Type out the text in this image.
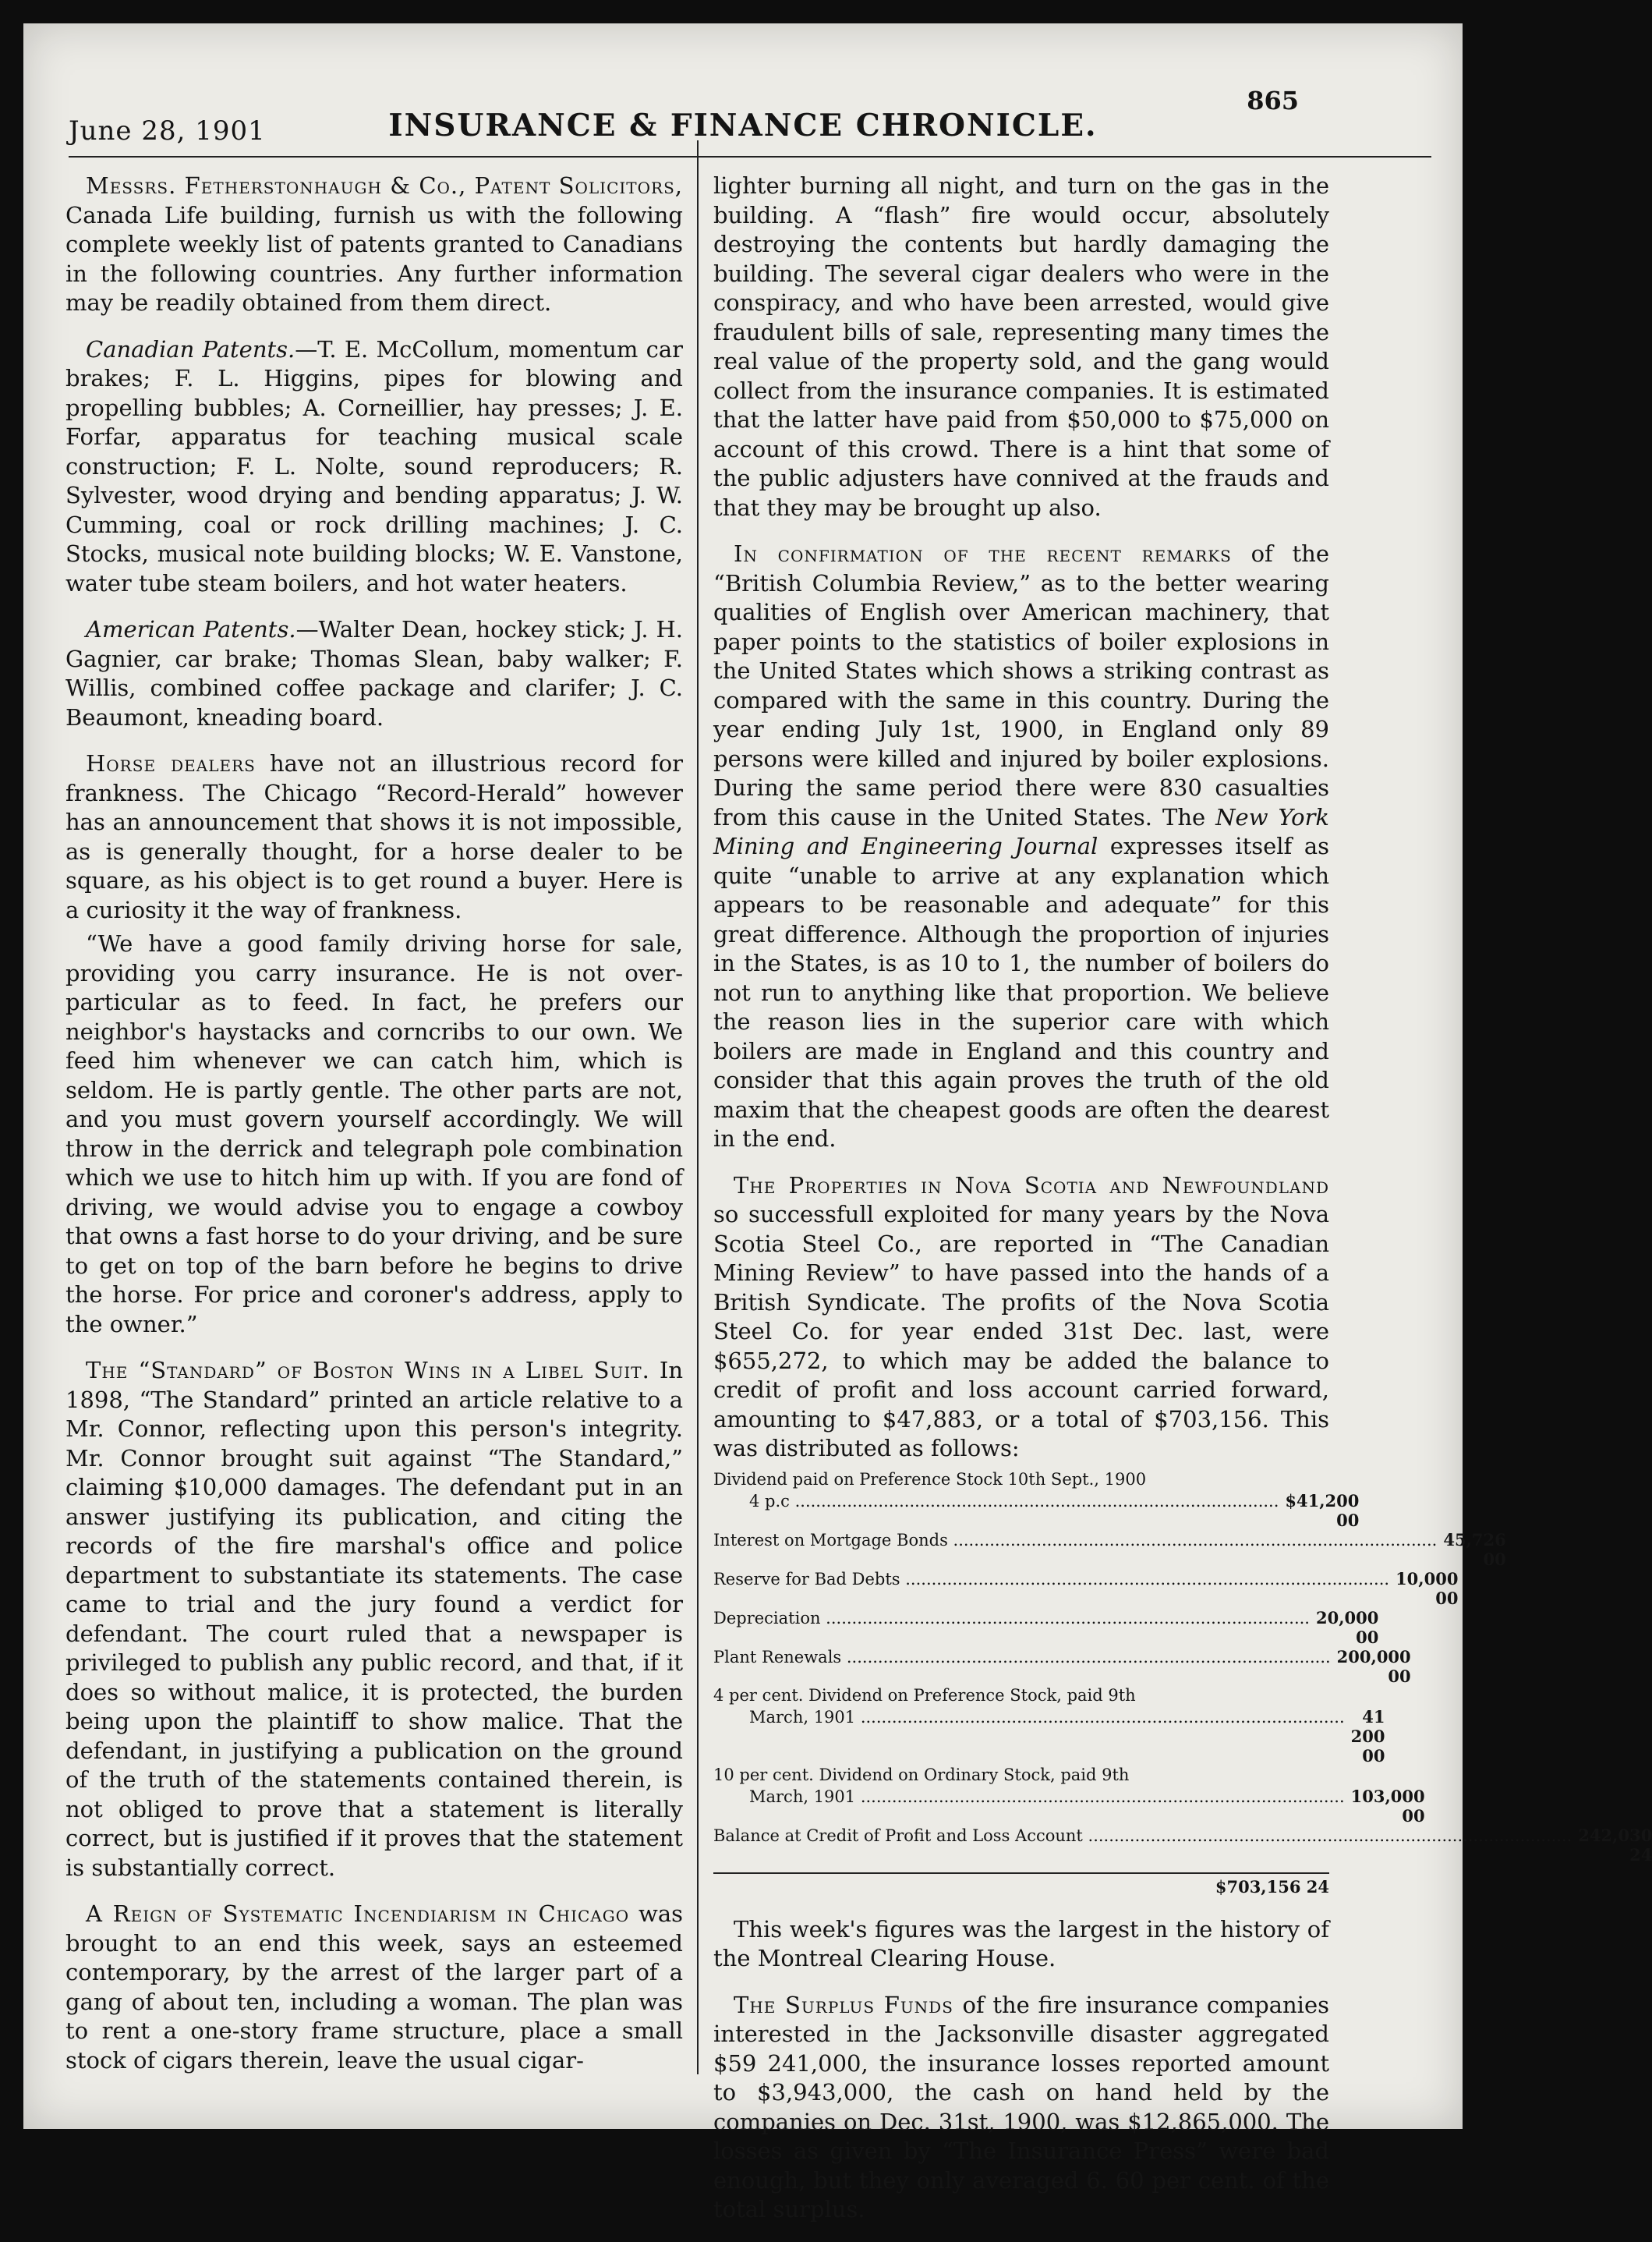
June 28, 1901	INSURANCE & FINANCE CHRONICLE.
865

Messrs. Fetherstonhaugh & Co., Patent Solicitors, Canada Life building, furnish us with the following complete weekly list of patents granted to Canadians in the following countries. Any further information may be readily obtained from them direct.

Canadian Patents.—T. E. McCollum, momentum car brakes; F. L. Higgins, pipes for blowing and propelling bubbles; A. Corneillier, hay presses; J. E. Forfar, apparatus for teaching musical scale construction; F. L. Nolte, sound reproducers; R. Sylvester, wood drying and bending apparatus; J. W. Cumming, coal or rock drilling machines; J. C. Stocks, musical note building blocks; W. E. Vanstone, water tube steam boilers, and hot water heaters.

American Patents.—Walter Dean, hockey stick; J. H. Gagnier, car brake; Thomas Slean, baby walker; F. Willis, combined coffee package and clarifer; J. C. Beaumont, kneading board.

Horse dealers have not an illustrious record for frankness. The Chicago “Record-Herald” however has an announcement that shows it is not impossible, as is generally thought, for a horse dealer to be square, as his object is to get round a buyer. Here is a curiosity it the way of frankness.

“We have a good family driving horse for sale, providing you carry insurance. He is not over-particular as to feed. In fact, he prefers our neighbor's haystacks and corncribs to our own. We feed him whenever we can catch him, which is seldom. He is partly gentle. The other parts are not, and you must govern yourself accordingly. We will throw in the derrick and telegraph pole combination which we use to hitch him up with. If you are fond of driving, we would advise you to engage a cowboy that owns a fast horse to do your driving, and be sure to get on top of the barn before he begins to drive the horse. For price and coroner's address, apply to the owner.”

The “Standard” of Boston Wins in a Libel Suit. In 1898, “The Standard” printed an article relative to a Mr. Connor, reflecting upon this person's integrity. Mr. Connor brought suit against “The Standard,” claiming $10,000 damages. The defendant put in an answer justifying its publication, and citing the records of the fire marshal's office and police department to substantiate its statements. The case came to trial and the jury found a verdict for defendant. The court ruled that a newspaper is privileged to publish any public record, and that, if it does so without malice, it is protected, the burden being upon the plaintiff to show malice. That the defendant, in justifying a publication on the ground of the truth of the statements contained therein, is not obliged to prove that a statement is literally correct, but is justified if it proves that the statement is substantially correct.

A Reign of Systematic Incendiarism in Chicago was brought to an end this week, says an esteemed contemporary, by the arrest of the larger part of a gang of about ten, including a woman. The plan was to rent a one-story frame structure, place a small stock of cigars therein, leave the usual cigar-

lighter burning all night, and turn on the gas in the building. A “flash” fire would occur, absolutely destroying the contents but hardly damaging the building. The several cigar dealers who were in the conspiracy, and who have been arrested, would give fraudulent bills of sale, representing many times the real value of the property sold, and the gang would collect from the insurance companies. It is estimated that the latter have paid from $50,000 to $75,000 on account of this crowd. There is a hint that some of the public adjusters have connived at the frauds and that they may be brought up also.

In confirmation of the recent remarks of the “British Columbia Review,” as to the better wearing qualities of English over American machinery, that paper points to the statistics of boiler explosions in the United States which shows a striking contrast as compared with the same in this country. During the year ending July 1st, 1900, in England only 89 persons were killed and injured by boiler explosions. During the same period there were 830 casualties from this cause in the United States. The New York Mining and Engineering Journal expresses itself as quite “unable to arrive at any explanation which appears to be reasonable and adequate” for this great difference. Although the proportion of injuries in the States, is as 10 to 1, the number of boilers do not run to anything like that proportion. We believe the reason lies in the superior care with which boilers are made in England and this country and consider that this again proves the truth of the old maxim that the cheapest goods are often the dearest in the end.

The Properties in Nova Scotia and Newfoundland so successfull exploited for many years by the Nova Scotia Steel Co., are reported in “The Canadian Mining Review” to have passed into the hands of a British Syndicate. The profits of the Nova Scotia Steel Co. for year ended 31st Dec. last, were $655,272, to which may be added the balance to credit of profit and loss account carried forward, amounting to $47,883, or a total of $703,156. This was distributed as follows:

Dividend paid on Preference Stock 10th Sept., 1900
4 p.c ............................................................................................. $41,200 00
Interest on Mortgage Bonds ............................................................................................. 45,726 00
Reserve for Bad Debts ............................................................................................. 10,000 00
Depreciation ............................................................................................. 20,000 00
Plant Renewals ............................................................................................. 200,000 00
4 per cent. Dividend on Preference Stock, paid 9th
March, 1901 .............................................................................................	41 200 00
10 per cent. Dividend on Ordinary Stock, paid 9th
March, 1901 ............................................................................................. 103,000 00
Balance at Credit of Profit and Loss Account ............................................................................................. 242,030 24
$703,156 24

This week's figures was the largest in the history of the Montreal Clearing House.

The Surplus Funds of the fire insurance companies interested in the Jacksonville disaster aggregated $59 241,000, the insurance losses reported amount to $3,943,000, the cash on hand held by the companies on Dec. 31st, 1900, was $12,865,000. The losses as given by “The Insurance Press” were bad enough, but they only averaged 6. 60 per cent. of the total surplus.
